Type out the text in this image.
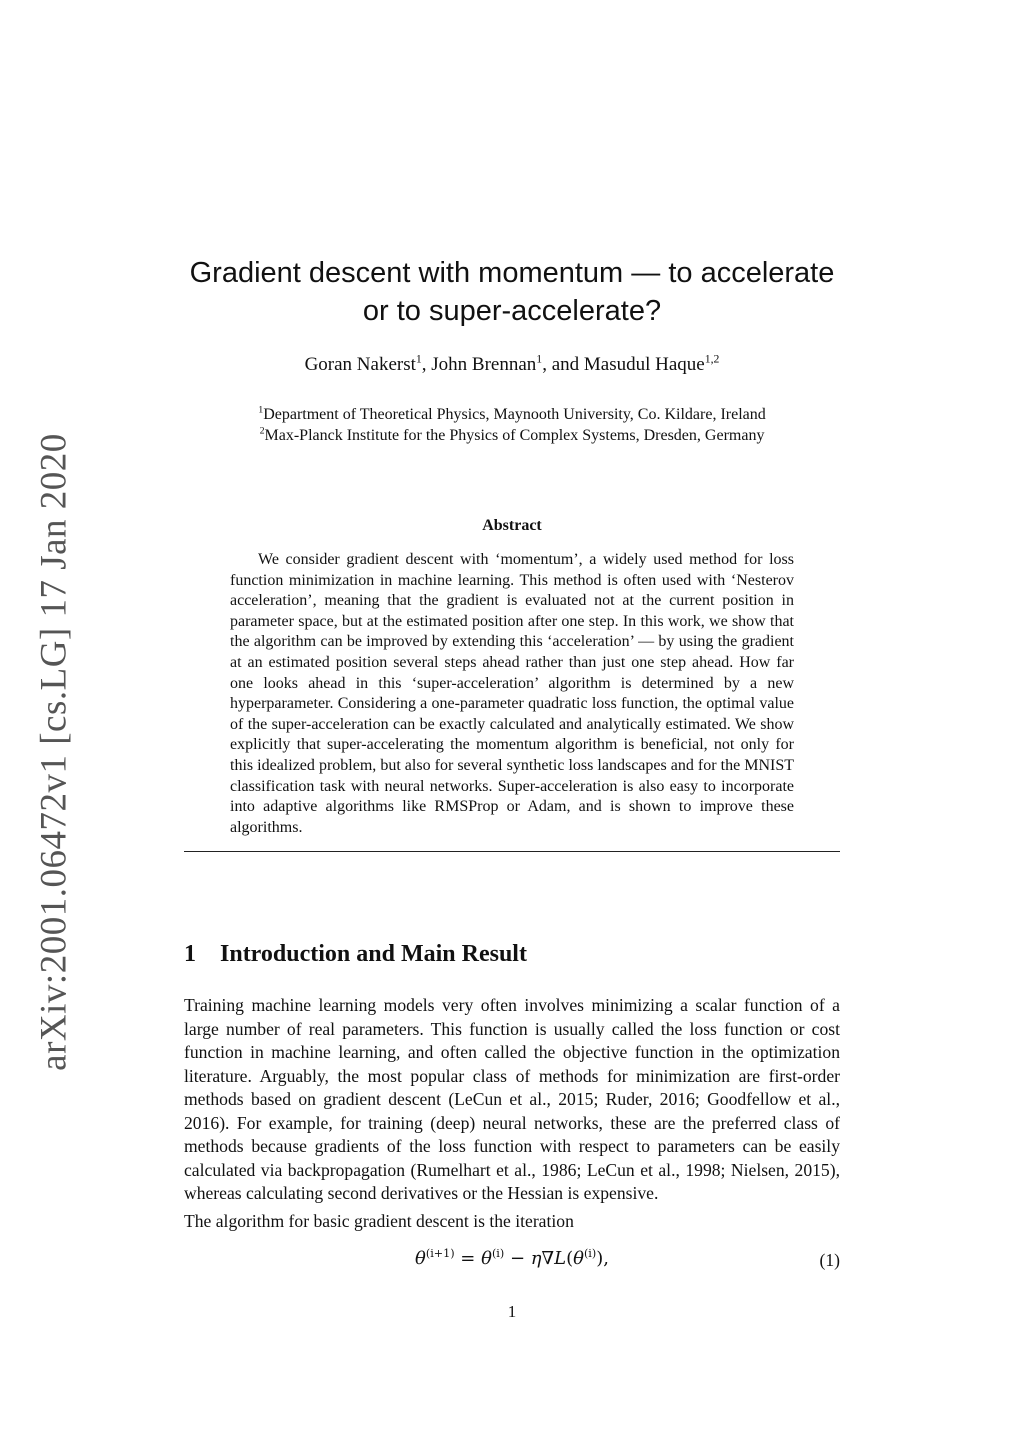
arXiv:2001.06472v1 [cs.LG] 17 Jan 2020
Gradient descent with momentum — to accelerate
or to super-accelerate?
Goran Nakerst$^1$, John Brennan$^1$, and Masudul Haque$^{1,2}$
$^1$Department of Theoretical Physics, Maynooth University, Co. Kildare, Ireland
$^2$Max-Planck Institute for the Physics of Complex Systems, Dresden, Germany
Abstract
We consider gradient descent with ‘momentum’, a widely used method for loss function minimization in machine learning. This method is often used with ‘Nesterov acceleration’, meaning that the gradient is evaluated not at the current position in parameter space, but at the estimated position after one step. In this work, we show that the algorithm can be improved by extending this ‘acceleration’ — by using the gradient at an estimated position several steps ahead rather than just one step ahead. How far one looks ahead in this ‘super-acceleration’ algorithm is determined by a new hyperparameter. Considering a one-parameter quadratic loss function, the optimal value of the super-acceleration can be exactly calculated and analytically estimated. We show explicitly that super-accelerating the momentum algorithm is beneficial, not only for this idealized problem, but also for several synthetic loss landscapes and for the MNIST classification task with neural networks. Super-acceleration is also easy to incorporate into adaptive algorithms like RMSProp or Adam, and is shown to improve these algorithms.
1 Introduction and Main Result

Training machine learning models very often involves minimizing a scalar function of a large number of real parameters. This function is usually called the loss function or cost function in machine learning, and often called the objective function in the optimization literature. Arguably, the most popular class of methods for minimization are first-order methods based on gradient descent (LeCun et al., 2015; Ruder, 2016; Goodfellow et al., 2016). For example, for training (deep) neural networks, these are the preferred class of methods because gradients of the loss function with respect to parameters can be easily calculated via backpropagation (Rumelhart et al., 1986; LeCun et al., 1998; Nielsen, 2015), whereas calculating second derivatives or the Hessian is expensive.

The algorithm for basic gradient descent is the iteration

$\theta^{(i+1)} = \theta^{(i)} - \eta\nabla L(\theta^{(i)})$,	(1)
1
